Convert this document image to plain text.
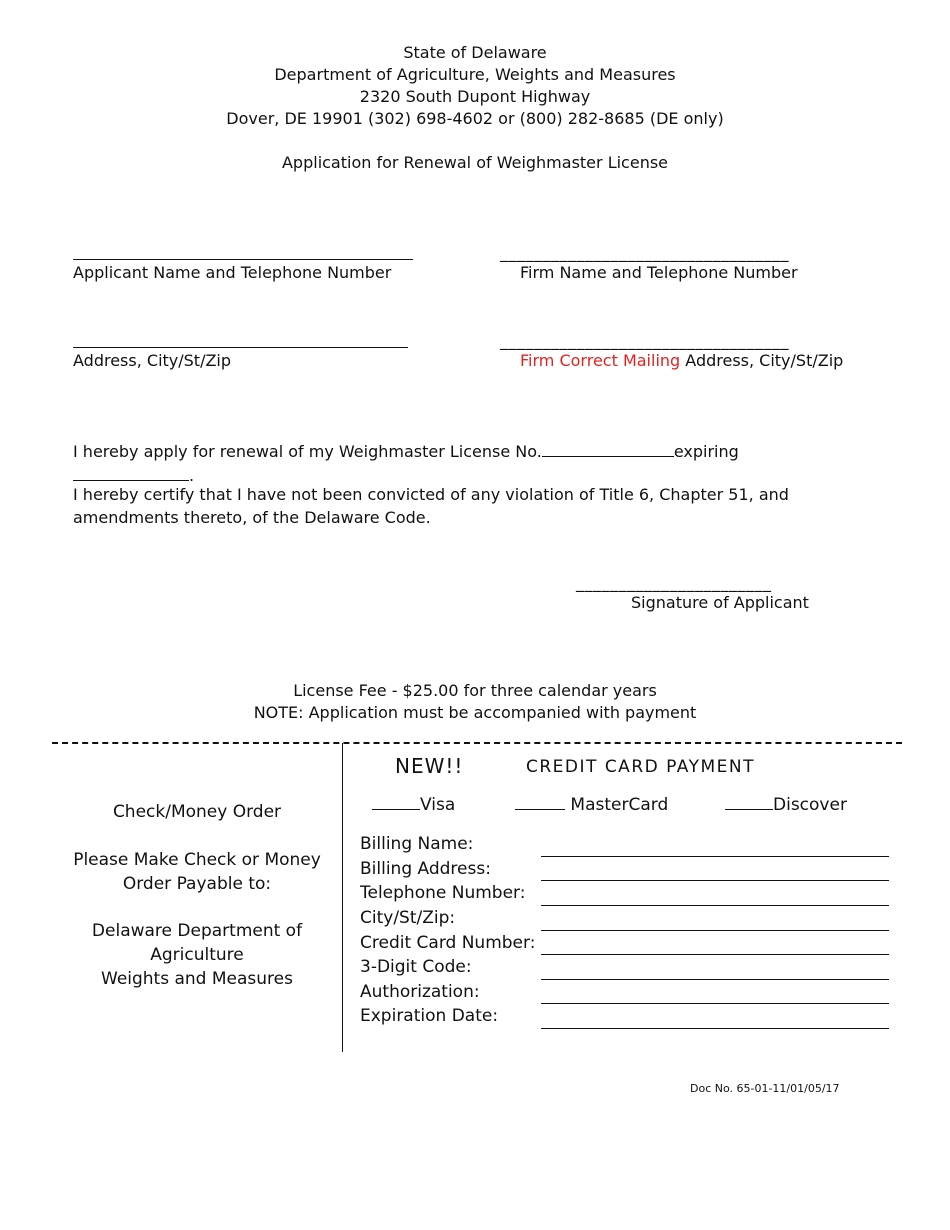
State of Delaware
Department of Agriculture, Weights and Measures
2320 South Dupont Highway
Dover, DE 19901 (302) 698-4602 or (800) 282-8685 (DE only)
Application for Renewal of Weighmaster License
Applicant Name and Telephone Number
__________________________________
Firm Name and Telephone Number
Address, City/St/Zip
__________________________________
Firm Correct Mailing Address, City/St/Zip
I hereby apply for renewal of my Weighmaster License No.	expiring.
I hereby certify that I have not been convicted of any violation of Title 6, Chapter 51, and amendments thereto, of the Delaware Code.
_______________________
Signature of Applicant
License Fee - $25.00 for three calendar years
NOTE: Application must be accompanied with payment
Check/Money Order
Please Make Check or Money
Order Payable to:
Delaware Department of
Agriculture
Weights and Measures
NEW!!	CREDIT CARD PAYMENT
Visa	MasterCard	Discover
Billing Name:
Billing Address:
Telephone Number:
City/St/Zip:
Credit Card Number:
3-Digit Code:
Authorization:
Expiration Date:
Doc No. 65-01-11/01/05/17
